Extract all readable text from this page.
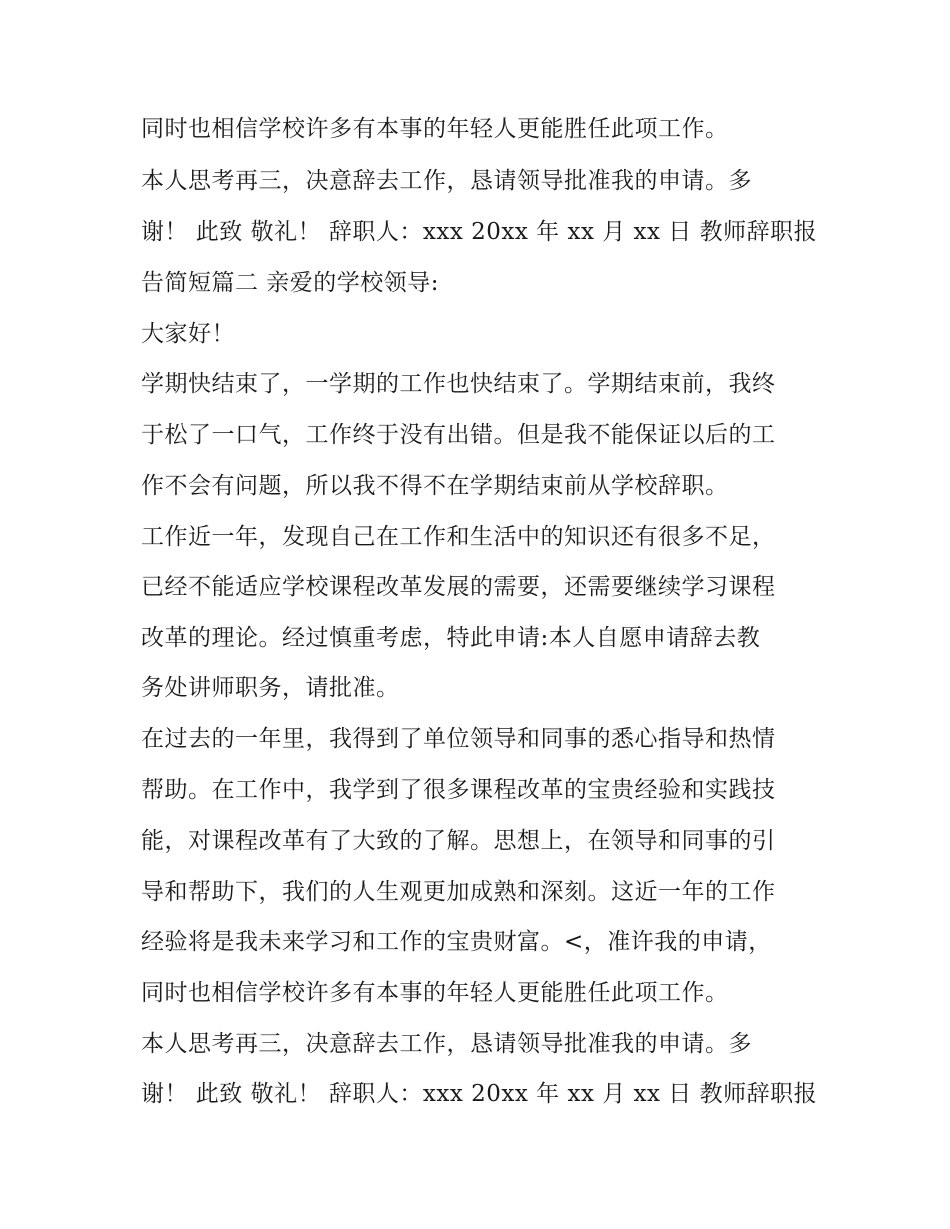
同时也相信学校许多有本事的年轻人更能胜任此项工作。
本人思考再三，决意辞去工作，恳请领导批准我的申请。多
谢！ 此致 敬礼！ 辞职人：xxx 20xx 年 xx 月 xx 日 教师辞职报
告简短篇二 亲爱的学校领导:
大家好！
学期快结束了，一学期的工作也快结束了。学期结束前，我终
于松了一口气，工作终于没有出错。但是我不能保证以后的工
作不会有问题，所以我不得不在学期结束前从学校辞职。
工作近一年，发现自己在工作和生活中的知识还有很多不足，
已经不能适应学校课程改革发展的需要，还需要继续学习课程
改革的理论。经过慎重考虑，特此申请:本人自愿申请辞去教
务处讲师职务，请批准。
在过去的一年里，我得到了单位领导和同事的悉心指导和热情
帮助。在工作中，我学到了很多课程改革的宝贵经验和实践技
能，对课程改革有了大致的了解。思想上，在领导和同事的引
导和帮助下，我们的人生观更加成熟和深刻。这近一年的工作
经验将是我未来学习和工作的宝贵财富。<，准许我的申请，
同时也相信学校许多有本事的年轻人更能胜任此项工作。
本人思考再三，决意辞去工作，恳请领导批准我的申请。多
谢！ 此致 敬礼！ 辞职人：xxx 20xx 年 xx 月 xx 日 教师辞职报
